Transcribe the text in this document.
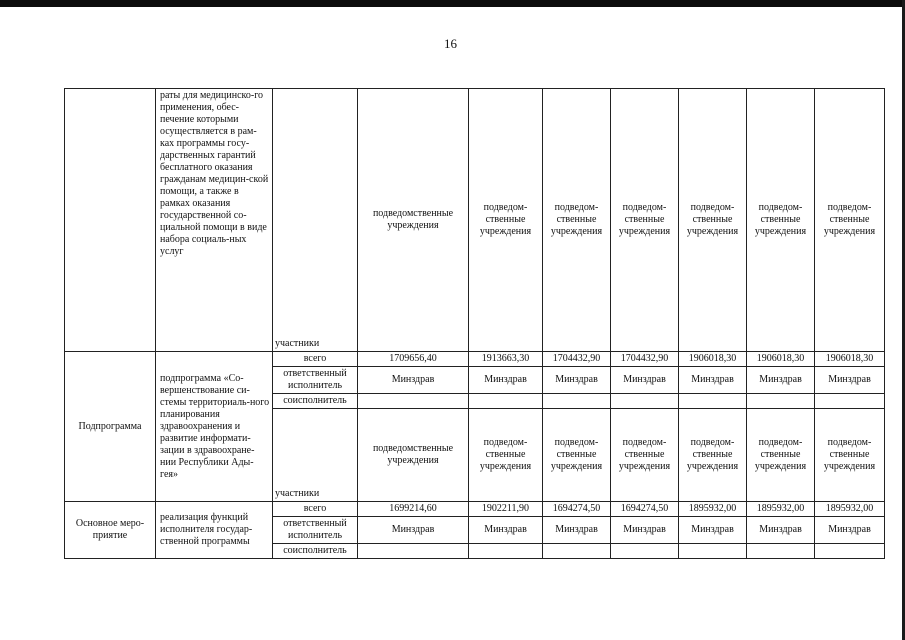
16
	раты для медицинско-го применения, обес-печение которыми осуществляется в рам-ках программы госу-дарственных гарантий бесплатного оказания гражданам медицин-ской помощи, а также в рамках оказания государственной со-циальной помощи в виде набора социаль-ных услуг	участники	подведомственные учреждения	подведом-ственные учреждения	подведом-ственные учреждения	подведом-ственные учреждения	подведом-ственные учреждения	подведом-ственные учреждения	подведом-ственные учреждения
Подпрограмма	подпрограмма «Со-вершенствование си-стемы территориаль-ного планирования здравоохранения и развитие информати-зации в здравоохране-нии Республики Ады-гея»	всего	1709656,40	1913663,30	1704432,90	1704432,90	1906018,30	1906018,30	1906018,30
		ответственный исполнитель	Минздрав	Минздрав	Минздрав	Минздрав	Минздрав	Минздрав	Минздрав
		соисполнитель							
		участники	подведомственные учреждения	подведом-ственные учреждения	подведом-ственные учреждения	подведом-ственные учреждения	подведом-ственные учреждения	подведом-ственные учреждения	подведом-ственные учреждения
Основное меро-приятие	реализация функций исполнителя государ-ственной программы	всего	1699214,60	1902211,90	1694274,50	1694274,50	1895932,00	1895932,00	1895932,00
		ответственный исполнитель	Минздрав	Минздрав	Минздрав	Минздрав	Минздрав	Минздрав	Минздрав
		соисполнитель							
